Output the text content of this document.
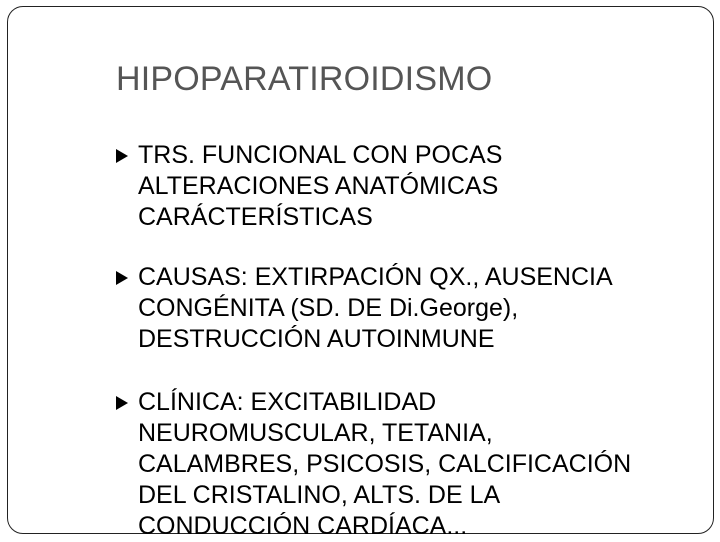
HIPOPARATIROIDISMO
TRS. FUNCIONAL CON POCAS
ALTERACIONES ANATÓMICAS
CARÁCTERÍSTICAS
CAUSAS: EXTIRPACIÓN QX., AUSENCIA
CONGÉNITA (SD. DE Di.George),
DESTRUCCIÓN AUTOINMUNE
CLÍNICA: EXCITABILIDAD
NEUROMUSCULAR, TETANIA,
CALAMBRES, PSICOSIS, CALCIFICACIÓN
DEL CRISTALINO, ALTS. DE LA
CONDUCCIÓN CARDÍACA...
